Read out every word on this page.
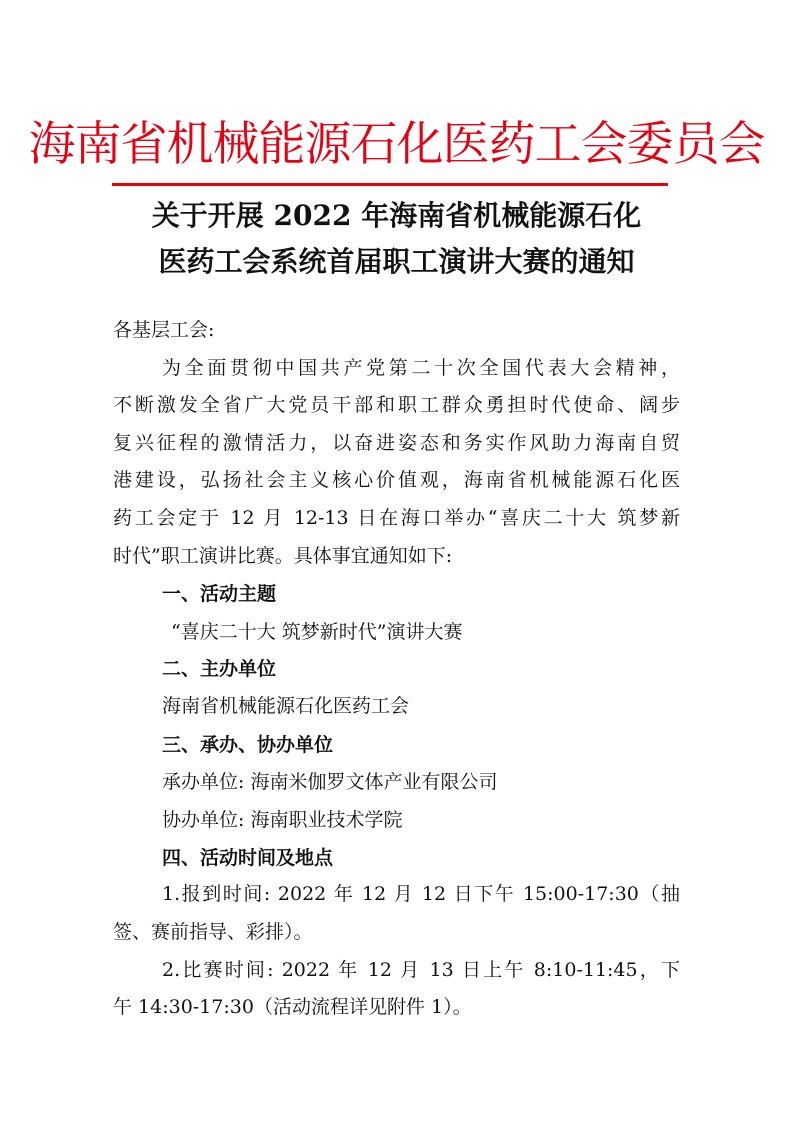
海南省机械能源石化医药工会委员会
关于开展 2022 年海南省机械能源石化
医药工会系统首届职工演讲大赛的通知
各基层工会:
为全面贯彻中国共产党第二十次全国代表大会精神，
不断激发全省广大党员干部和职工群众勇担时代使命、阔步
复兴征程的激情活力，以奋进姿态和务实作风助力海南自贸
港建设，弘扬社会主义核心价值观，海南省机械能源石化医
药工会定于 12 月 12-13 日在海口举办“喜庆二十大 筑梦新
时代”职工演讲比赛。具体事宜通知如下:
一、活动主题
“喜庆二十大 筑梦新时代”演讲大赛
二、主办单位
海南省机械能源石化医药工会
三、承办、协办单位
承办单位: 海南米伽罗文体产业有限公司
协办单位: 海南职业技术学院
四、活动时间及地点
1.报到时间: 2022 年 12 月 12 日下午 15:00-17:30（抽
签、赛前指导、彩排）。
2.比赛时间: 2022 年 12 月 13 日上午 8:10-11:45，下
午 14:30-17:30（活动流程详见附件 1）。
